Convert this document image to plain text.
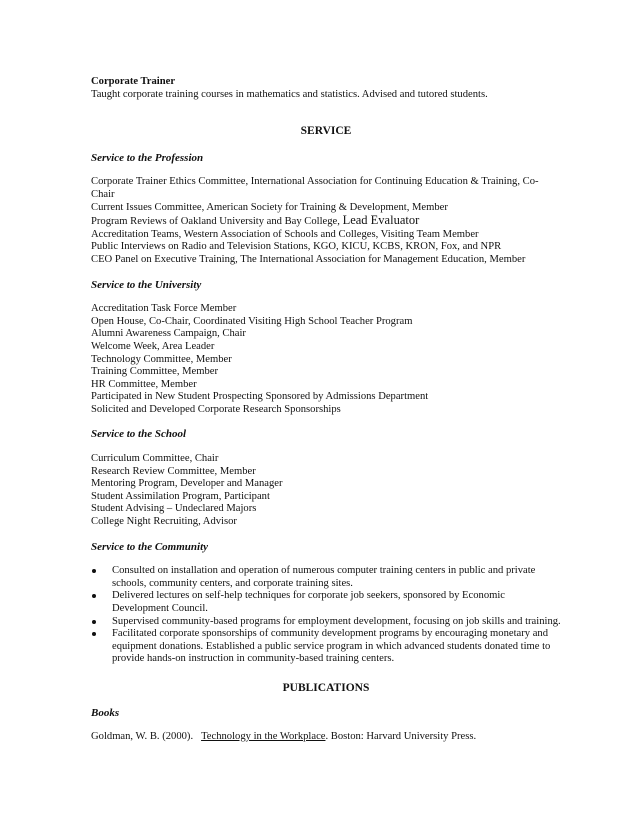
Corporate Trainer
Taught corporate training courses in mathematics and statistics. Advised and tutored students.
SERVICE
Service to the Profession
Corporate Trainer Ethics Committee, International Association for Continuing Education & Training, Co-
Chair
Current Issues Committee, American Society for Training & Development, Member
Program Reviews of Oakland University and Bay College, Lead Evaluator
Accreditation Teams, Western Association of Schools and Colleges, Visiting Team Member
Public Interviews on Radio and Television Stations, KGO, KICU, KCBS, KRON, Fox, and NPR
CEO Panel on Executive Training, The International Association for Management Education, Member
Service to the University
Accreditation Task Force Member
Open House, Co-Chair, Coordinated Visiting High School Teacher Program
Alumni Awareness Campaign, Chair
Welcome Week, Area Leader
Technology Committee, Member
Training Committee, Member
HR Committee, Member
Participated in New Student Prospecting Sponsored by Admissions Department
Solicited and Developed Corporate Research Sponsorships
Service to the School
Curriculum Committee, Chair
Research Review Committee, Member
Mentoring Program, Developer and Manager
Student Assimilation Program, Participant
Student Advising – Undeclared Majors
College Night Recruiting, Advisor
Service to the Community
Consulted on installation and operation of numerous computer training centers in public and private schools, community centers, and corporate training sites.
Delivered lectures on self-help techniques for corporate job seekers, sponsored by Economic Development Council.
Supervised community-based programs for employment development, focusing on job skills and training.
Facilitated corporate sponsorships of community development programs by encouraging monetary and equipment donations. Established a public service program in which advanced students donated time to provide hands-on instruction in community-based training centers.
PUBLICATIONS
Books
Goldman, W. B. (2000). Technology in the Workplace. Boston: Harvard University Press.
